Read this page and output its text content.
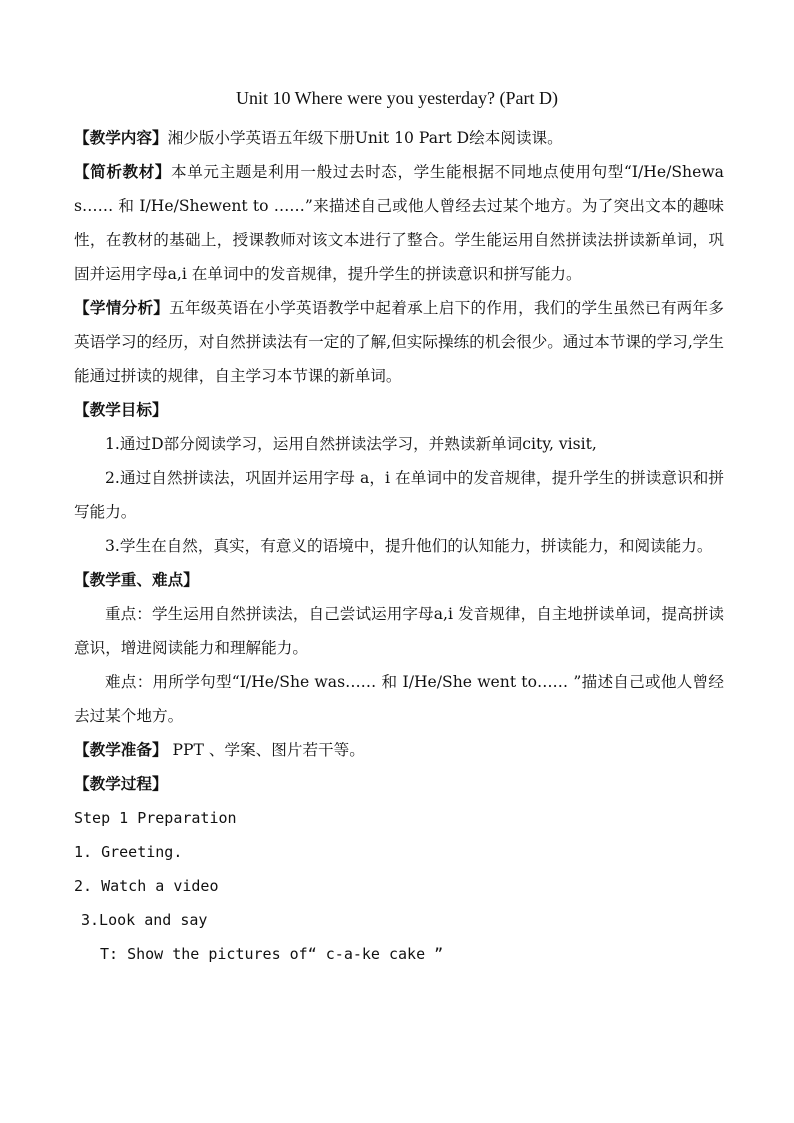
Unit 10 Where were you yesterday? (Part D)

【教学内容】湘少版小学英语五年级下册Unit 10 Part D绘本阅读课。

【简析教材】本单元主题是利用一般过去时态，学生能根据不同地点使用句型“I/He/Shewas…… 和 I/He/Shewent to ……”来描述自己或他人曾经去过某个地方。为了突出文本的趣味性，在教材的基础上，授课教师对该文本进行了整合。学生能运用自然拼读法拼读新单词，巩固并运用字母a,i 在单词中的发音规律，提升学生的拼读意识和拼写能力。

【学情分析】五年级英语在小学英语教学中起着承上启下的作用，我们的学生虽然已有两年多英语学习的经历，对自然拼读法有一定的了解,但实际操练的机会很少。通过本节课的学习,学生能通过拼读的规律，自主学习本节课的新单词。

【教学目标】

1.通过D部分阅读学习，运用自然拼读法学习，并熟读新单词city, visit,

2.通过自然拼读法，巩固并运用字母 a，i 在单词中的发音规律，提升学生的拼读意识和拼写能力。

3.学生在自然，真实，有意义的语境中，提升他们的认知能力，拼读能力，和阅读能力。

【教学重、难点】

重点：学生运用自然拼读法，自己尝试运用字母a,i 发音规律，自主地拼读单词，提高拼读意识，增进阅读能力和理解能力。

难点：用所学句型“I/He/She was…… 和 I/He/She went to…… ”描述自己或他人曾经去过某个地方。

【教学准备】 PPT 、学案、图片若干等。

【教学过程】

Step 1 Preparation

1. Greeting.

2. Watch a video

3.Look and say

T: Show the pictures of“ c-a-ke cake ”
